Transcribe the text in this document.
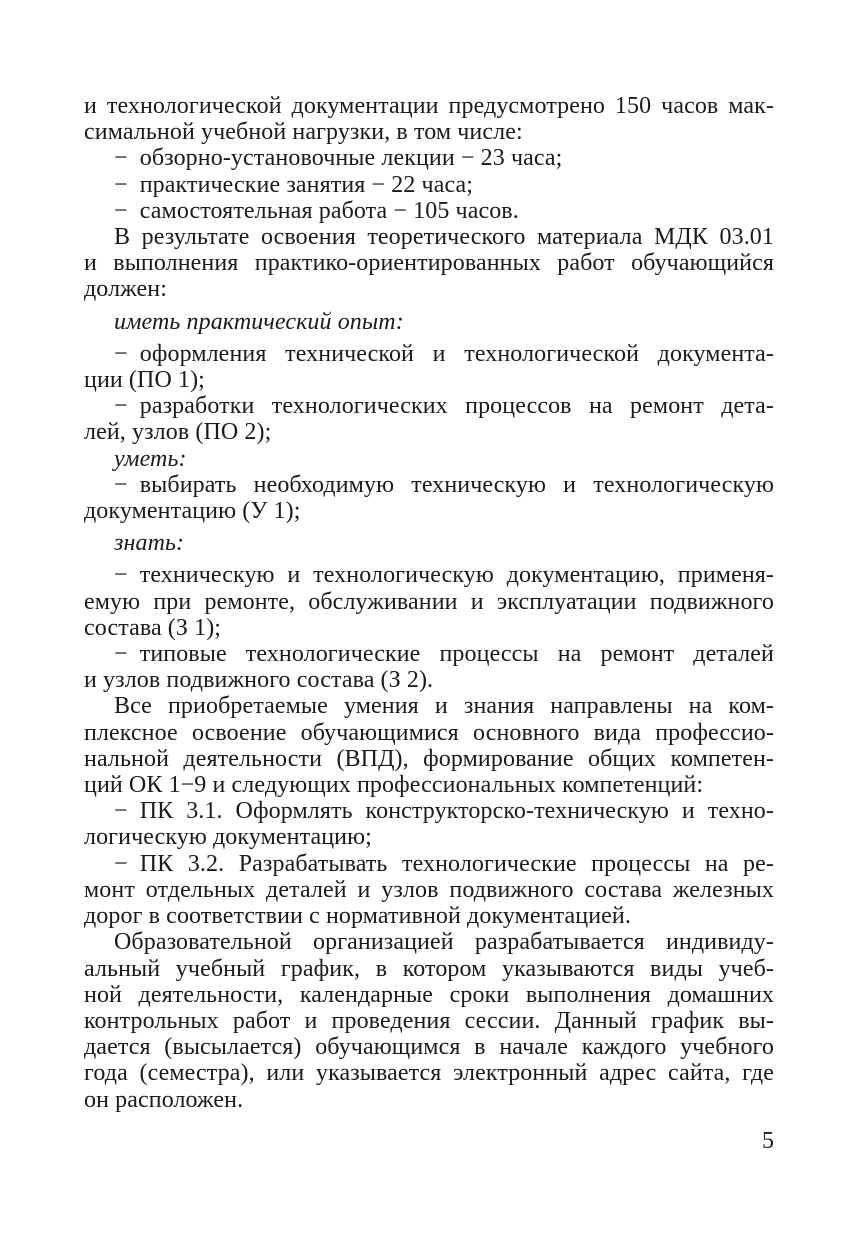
и технологической документации предусмотрено 150 часов мак-
симальной учебной нагрузки, в том числе:
− обзорно-установочные лекции − 23 часа;
− практические занятия − 22 часа;
− самостоятельная работа − 105 часов.
В результате освоения теоретического материала МДК 03.01
и выполнения практико-ориентированных работ обучающийся
должен:
иметь практический опыт:
− оформления технической и технологической документа-
ции (ПО 1);
− разработки технологических процессов на ремонт дета-
лей, узлов (ПО 2);
уметь:
− выбирать необходимую техническую и технологическую
документацию (У 1);
знать:
− техническую и технологическую документацию, применя-
емую при ремонте, обслуживании и эксплуатации подвижного
состава (З 1);
− типовые технологические процессы на ремонт деталей
и узлов подвижного состава (З 2).
Все приобретаемые умения и знания направлены на ком-
плексное освоение обучающимися основного вида профессио-
нальной деятельности (ВПД), формирование общих компетен-
ций ОК 1−9 и следующих профессиональных компетенций:
− ПК 3.1. Оформлять конструкторско-техническую и техно-
логическую документацию;
− ПК 3.2. Разрабатывать технологические процессы на ре-
монт отдельных деталей и узлов подвижного состава железных
дорог в соответствии с нормативной документацией.
Образовательной организацией разрабатывается индивиду-
альный учебный график, в котором указываются виды учеб-
ной деятельности, календарные сроки выполнения домашних
контрольных работ и проведения сессии. Данный график вы-
дается (высылается) обучающимся в начале каждого учебного
года (семестра), или указывается электронный адрес сайта, где
он расположен.
5
